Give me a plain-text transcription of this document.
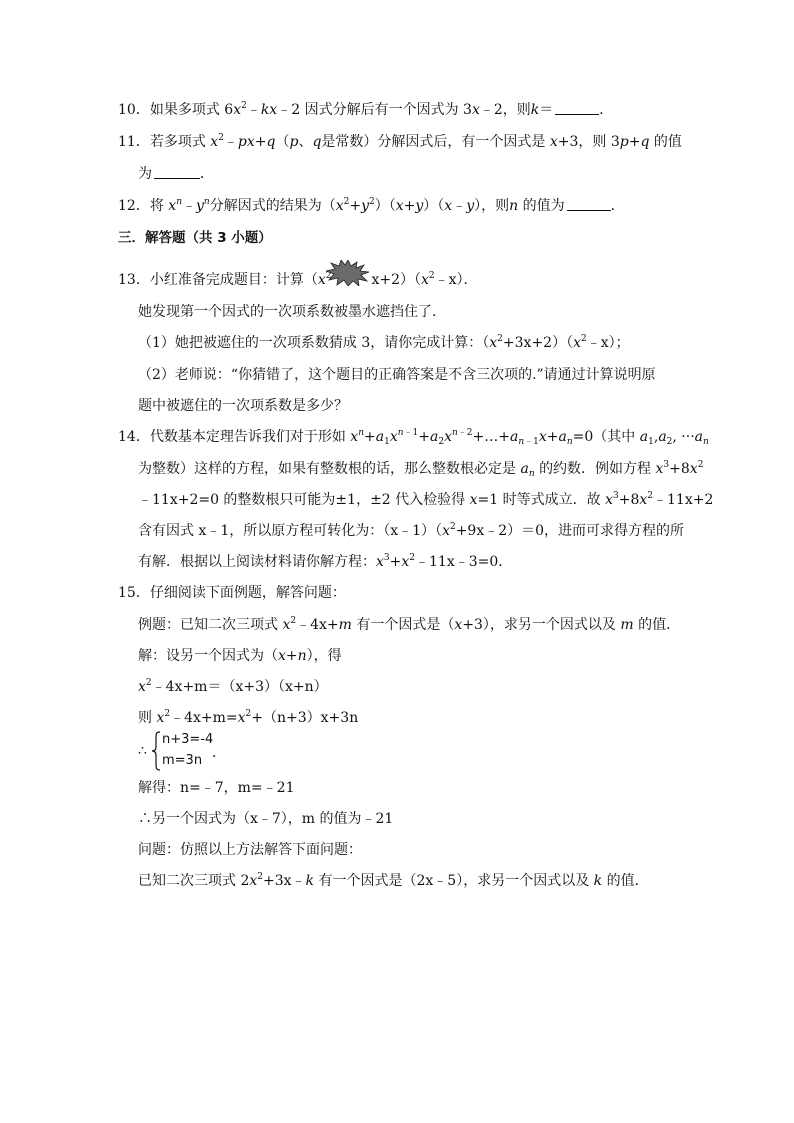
10．如果多项式 $6x^2﹣kx﹣2$ 因式分解后有一个因式为 3x﹣2，则k＝	．
11．若多项式 $x^2﹣px+q(p$、q是常数）分解因式后，有一个因式是 x+3，则 3p+q 的值
为	．
12．将 $x^n﹣y^n$分解因式的结果为$(x^2+y^2)(x+y)(x﹣y)$，则n 的值为	．
三．解答题（共 3 小题）
13．小红准备完成题目：计算（$x^2$	$x+2)(x^2﹣x)$．
她发现第一个因式的一次项系数被墨水遮挡住了．
（1）她把被遮住的一次项系数猜成 3，请你完成计算：$(x^2+3x+2)(x^2﹣x)$；
（2）老师说：“你猜错了，这个题目的正确答案是不含三次项的.”请通过计算说明原
题中被遮住的一次项系数是多少？
14．代数基本定理告诉我们对于形如 $x^n+a_1x^{n﹣1}+a_2x^{n﹣2}+\dots+a_{n﹣1}x+a_n=0$（其中 $a_1,a_2$, $\cdot\cdot\cdot a_n$
为整数）这样的方程，如果有整数根的话，那么整数根必定是 $a_n$ 的约数．例如方程 $x^3+8x^2$
﹣11x+2=0 的整数根只可能为±1，±2 代入检验得 x=1 时等式成立．故 $x^3+8x^2﹣11x+2$
含有因式 x﹣1，所以原方程可转化为：$(x﹣1)(x^2+9x﹣2)=0$，进而可求得方程的所
有解．根据以上阅读材料请你解方程：$x^3+x^2﹣11x﹣3=0$．
15．仔细阅读下面例题，解答问题：
例题：已知二次三项式 $x^2﹣4x+m$ 有一个因式是（x+3），求另一个因式以及 m 的值．
解：设另一个因式为（x+n），得
$x^2﹣4x+m=(x+3)(x+n)$
则 $x^2﹣4x+m=x^2+(n+3)x+3n$
∴
n+3=-4
m=3n ．
解得：n=﹣7，m=﹣21
∴另一个因式为（x﹣7），m 的值为﹣21
问题：仿照以上方法解答下面问题：
已知二次三项式 $2x^2+3x﹣k$ 有一个因式是（2x﹣5），求另一个因式以及 k 的值．
